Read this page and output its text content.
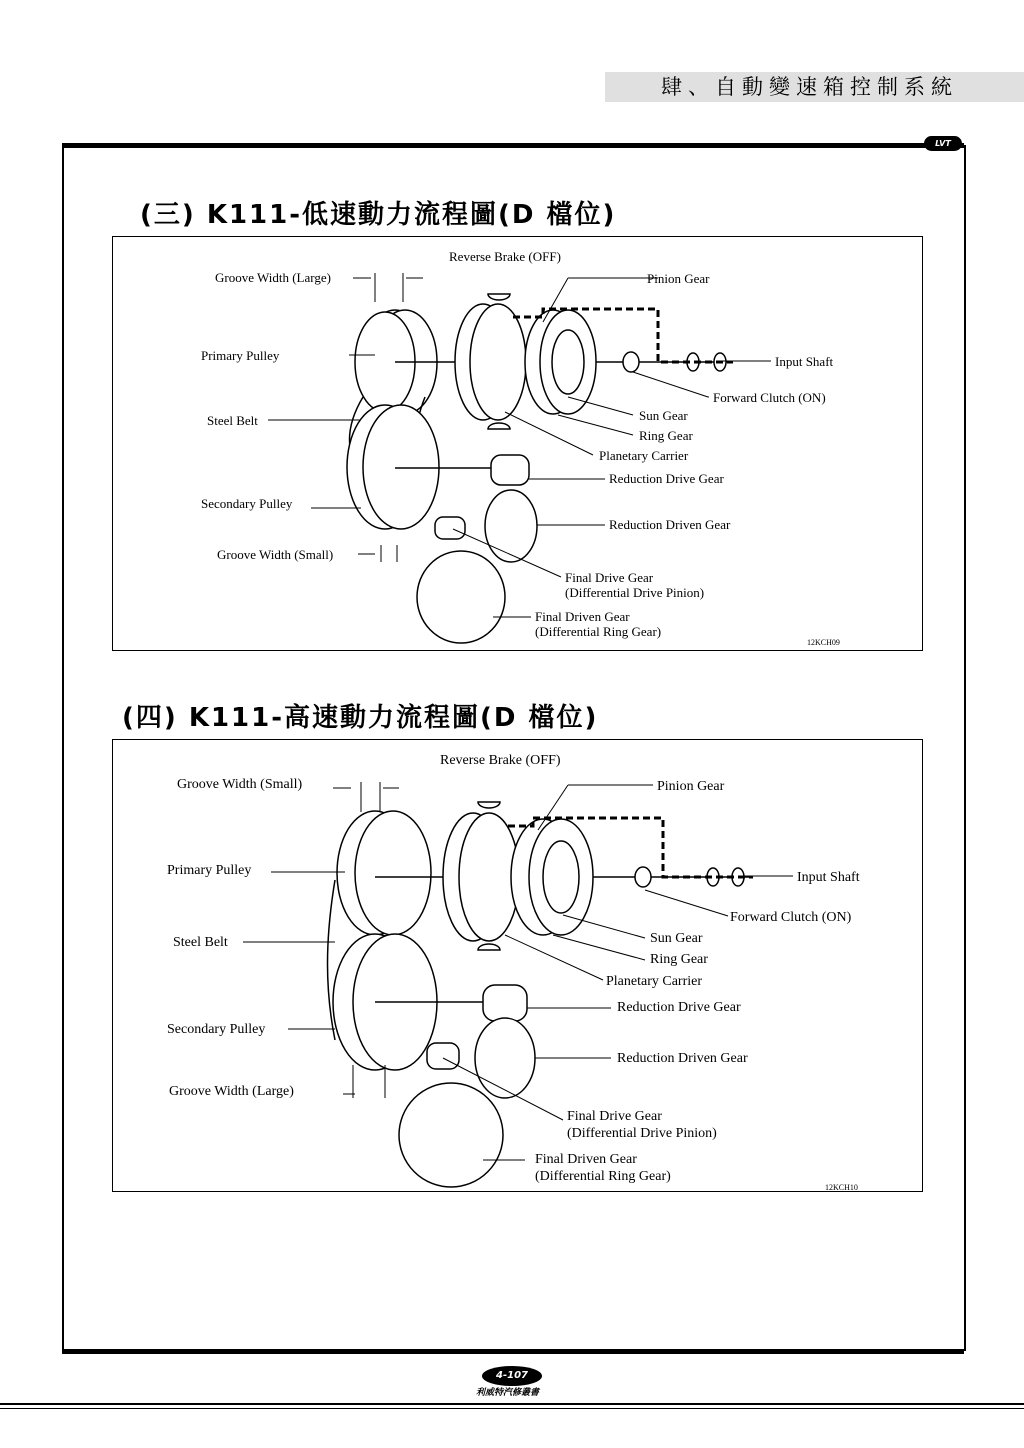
肆、自動變速箱控制系統
LVT
(三) K111-低速動力流程圖(D 檔位)
Reverse Brake (OFF)
Pinion Gear
Groove Width (Large)
Primary Pulley	Input Shaft
Forward Clutch (ON)
Steel Belt	Sun Gear
Ring Gear
Planetary Carrier
Reduction Drive Gear
Secondary Pulley
Reduction Driven Gear
Groove Width (Small)
Final Drive Gear
(Differential Drive Pinion)
Final Driven Gear
(Differential Ring Gear)
12KCH09
(四) K111-高速動力流程圖(D 檔位)
Reverse Brake (OFF)
Pinion Gear
Groove Width (Small)
Primary Pulley	Input Shaft
Forward Clutch (ON)
Steel Belt	Sun Gear
Ring Gear
Planetary Carrier
Reduction Drive Gear
Secondary Pulley
Reduction Driven Gear
Groove Width (Large)
Final Drive Gear
(Differential Drive Pinion)
Final Driven Gear
(Differential Ring Gear)
12KCH10
4-107
利威特汽修叢書
